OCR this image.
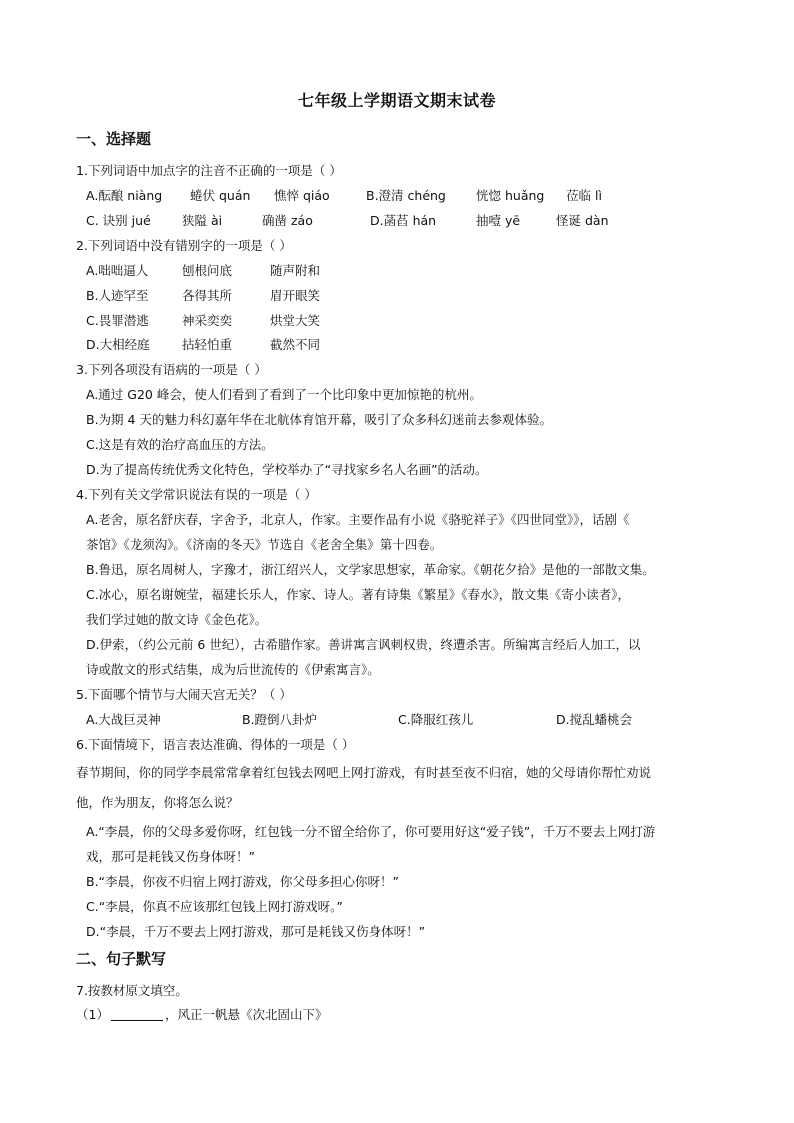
七年级上学期语文期末试卷
一、选择题
1.下列词语中加点字的注音不正确的一项是（ ）
A.酝酿 niàng 蜷伏 quán 憔悴 qiáo	B.澄清 chéng 恍惚 huǎng 莅临 lì
C. 诀别 jué	狭隘 ài	确凿 záo	D.菡萏 hán	抽噎 yē	怪诞 dàn
2.下列词语中没有错别字的一项是（ ）
A.咄咄逼人	刨根问底	随声附和
B.人迹罕至	各得其所	眉开眼笑
C.畏罪潜逃	神采奕奕	烘堂大笑
D.大相经庭	拈轻怕重	截然不同
3.下列各项没有语病的一项是（ ）
A.通过 G20 峰会，使人们看到了看到了一个比印象中更加惊艳的杭州。
B.为期 4 天的魅力科幻嘉年华在北航体育馆开幕，吸引了众多科幻迷前去参观体验。
C.这是有效的治疗高血压的方法。
D.为了提高传统优秀文化特色，学校举办了“寻找家乡名人名画”的活动。
4.下列有关文学常识说法有误的一项是（ ）
A.老舍，原名舒庆春，字舍予，北京人，作家。主要作品有小说《骆驼祥子》《四世同堂》》，话剧《
茶馆》《龙须沟》。《济南的冬天》节选自《老舍全集》第十四卷。
B.鲁迅，原名周树人，字豫才，浙江绍兴人，文学家思想家，革命家。《朝花夕拾》是他的一部散文集。
C.冰心，原名谢婉莹，福建长乐人，作家、诗人。著有诗集《繁星》《春水》，散文集《寄小读者》，
我们学过她的散文诗《金色花》。
D.伊索，（约公元前 6 世纪），古希腊作家。善讲寓言讽刺权贵，终遭杀害。所编寓言经后人加工，以
诗或散文的形式结集，成为后世流传的《伊索寓言》。
5.下面哪个情节与大闹天宫无关？（ ）
A.大战巨灵神	B.蹬倒八卦炉	C.降服红孩儿	D.搅乱蟠桃会
6.下面情境下，语言表达准确、得体的一项是（ ）
春节期间，你的同学李晨常常拿着红包钱去网吧上网打游戏，有时甚至夜不归宿，她的父母请你帮忙劝说
他，作为朋友，你将怎么说？
A.“李晨，你的父母多爱你呀，红包钱一分不留全给你了，你可要用好这“爱子钱”，千万不要去上网打游
戏，那可是耗钱又伤身体呀！”
B.“李晨，你夜不归宿上网打游戏，你父母多担心你呀！”
C.“李晨，你真不应该那红包钱上网打游戏呀。”
D.“李晨，千万不要去上网打游戏，那可是耗钱又伤身体呀！”
二、句子默写
7.按教材原文填空。
（1）	，风正一帆悬《次北固山下》
